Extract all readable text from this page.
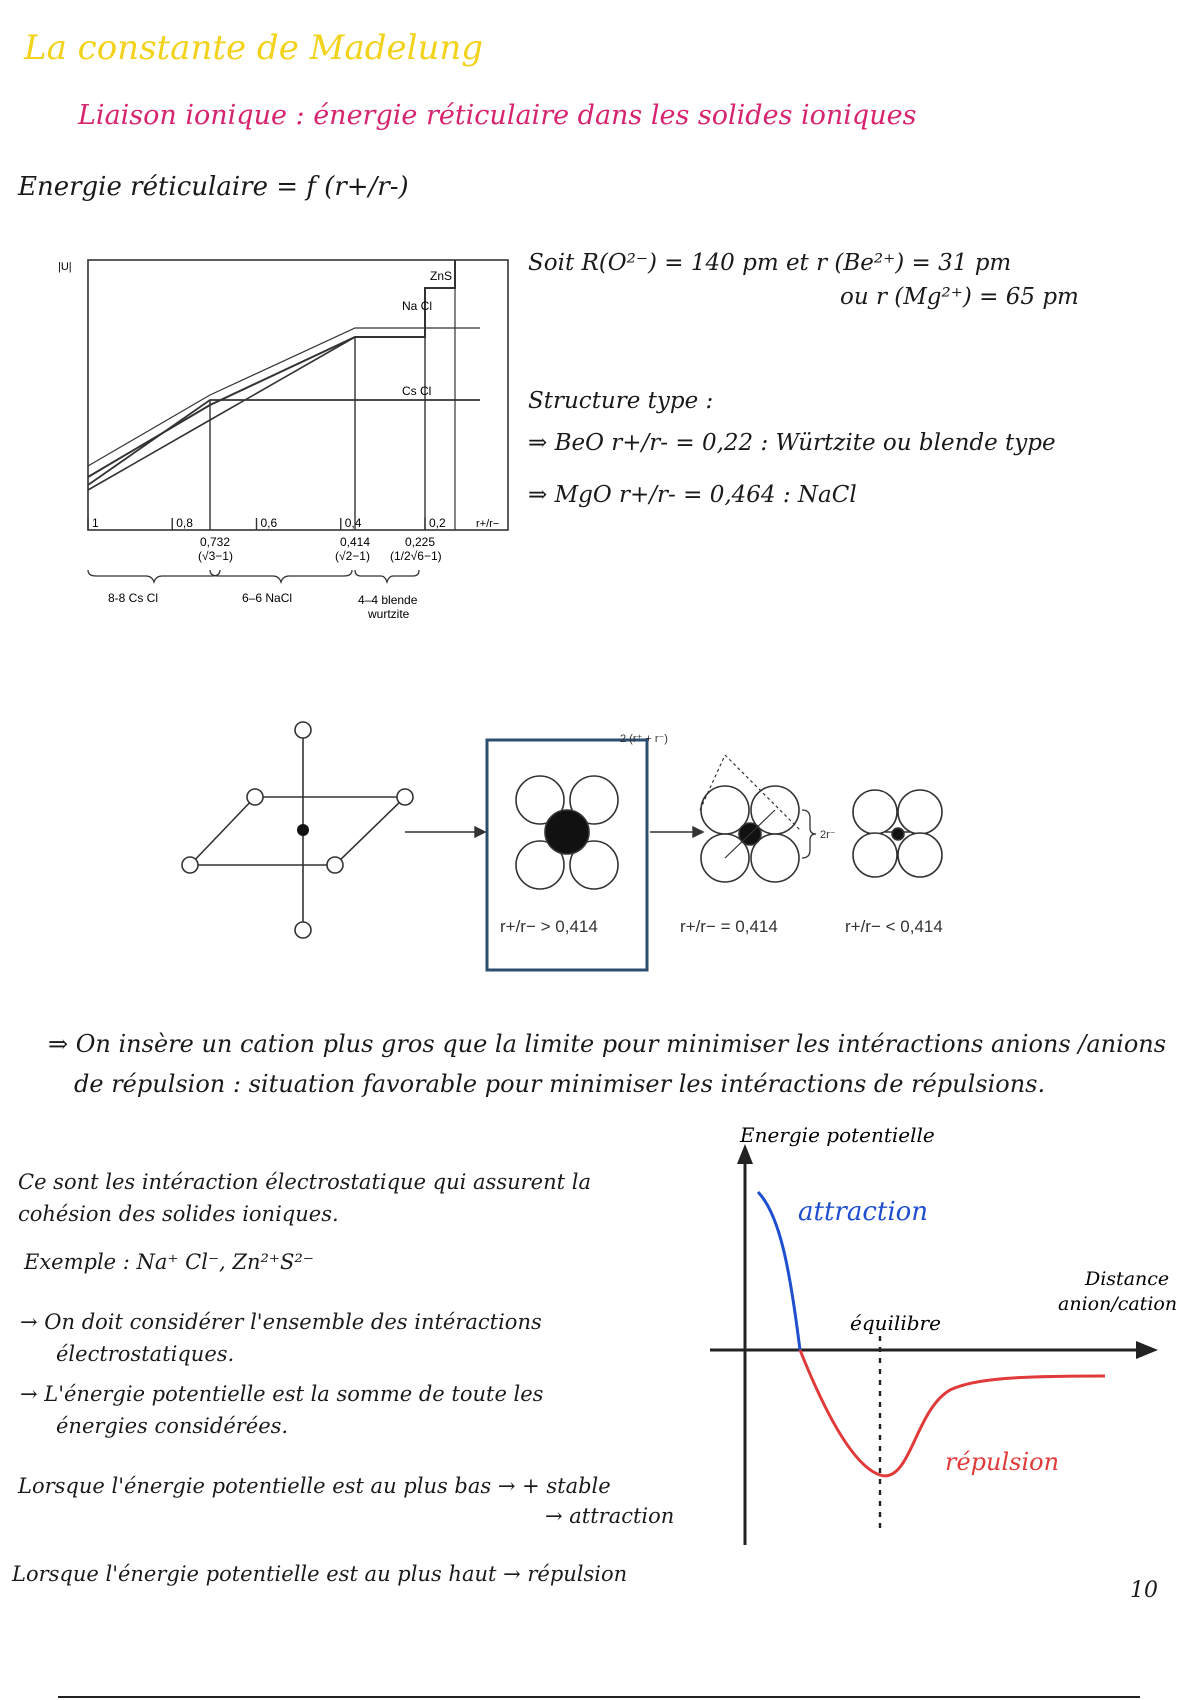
La constante de Madelung
Liaison ionique : énergie réticulaire dans les solides ioniques
Energie réticulaire = f (r+/r-)
|U|
r+/r−
1	0,8	0,6	0,4	0,2
ZnS
Na Cl
Cs Cl
0,732
(√3−1)
0,414
(√2−1)
0,225
(1/2√6−1)
8-8 Cs Cl	6–6 NaCl	4–4 blende
wurtzite
Soit R(O²⁻) = 140 pm et r (Be²⁺) = 31 pm
ou r (Mg²⁺) = 65 pm
Structure type :
⇒ BeO r+/r- = 0,22 : Würtzite ou blende type
⇒ MgO r+/r- = 0,464 : NaCl
r+/r− > 0,414
2 (r⁺ + r⁻)
2r⁻
r+/r− = 0,414	r+/r− < 0,414
⇒ On insère un cation plus gros que la limite pour minimiser les intéractions anions /anions
de répulsion : situation favorable pour minimiser les intéractions de répulsions.
Ce sont les intéraction électrostatique qui assurent la
cohésion des solides ioniques.
Exemple : Na⁺ Cl⁻, Zn²⁺S²⁻
→ On doit considérer l'ensemble des intéractions
électrostatiques.
→ L'énergie potentielle est la somme de toute les
énergies considérées.
Lorsque l'énergie potentielle est au plus bas → + stable
→ attraction
Lorsque l'énergie potentielle est au plus haut → répulsion
Energie potentielle
attraction
équilibre
répulsion
Distance
anion/cation
10
